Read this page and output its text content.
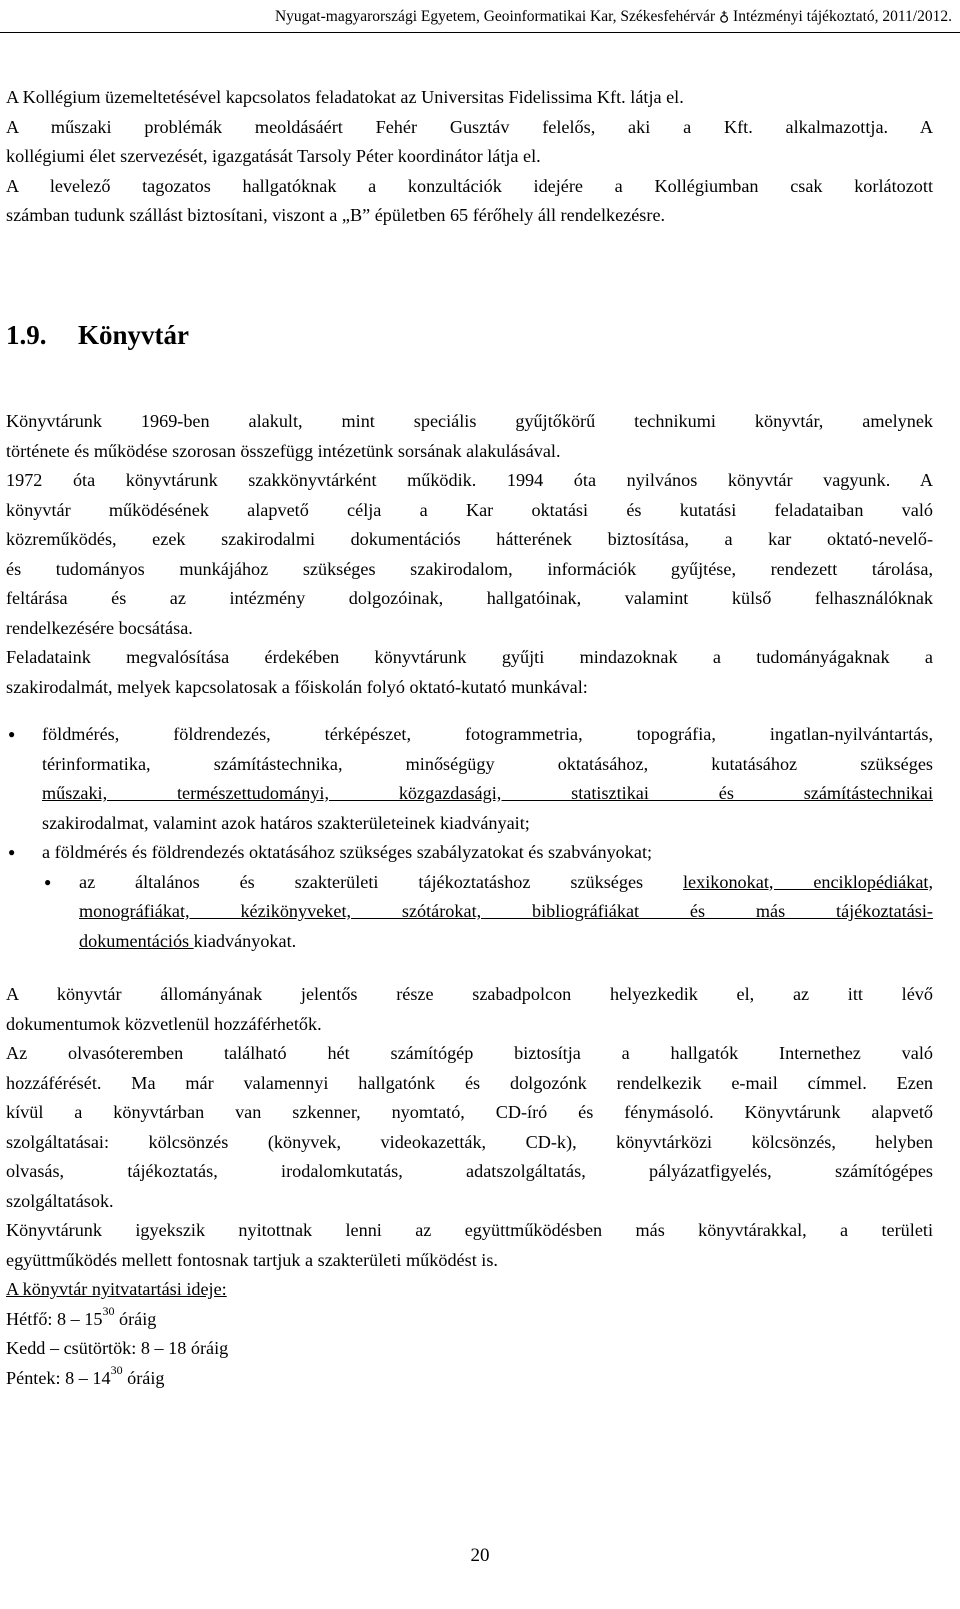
Nyugat-magyarországi Egyetem, Geoinformatikai Kar, Székesfehérvár ♁ Intézményi tájékoztató, 2011/2012.
A Kollégium üzemeltetésével kapcsolatos feladatokat az Universitas Fidelissima Kft. látja el.
A műszaki problémák meoldásáért Fehér Gusztáv felelős, aki a Kft. alkalmazottja. A
kollégiumi élet szervezését, igazgatását Tarsoly Péter koordinátor látja el.
A levelező tagozatos hallgatóknak a konzultációk idejére a Kollégiumban csak korlátozott
számban tudunk szállást biztosítani, viszont a „B” épületben 65 férőhely áll rendelkezésre.
1.9. Könyvtár
Könyvtárunk 1969-ben alakult, mint speciális gyűjtőkörű technikumi könyvtár, amelynek
története és működése szorosan összefügg intézetünk sorsának alakulásával.
1972 óta könyvtárunk szakkönyvtárként működik. 1994 óta nyilvános könyvtár vagyunk. A
könyvtár működésének alapvető célja a Kar oktatási és kutatási feladataiban való
közreműködés, ezek szakirodalmi dokumentációs hátterének biztosítása, a kar oktató-nevelő-
és tudományos munkájához szükséges szakirodalom, információk gyűjtése, rendezett tárolása,
feltárása és az intézmény dolgozóinak, hallgatóinak, valamint külső felhasználóknak
rendelkezésére bocsátása.
Feladataink megvalósítása érdekében könyvtárunk gyűjti mindazoknak a tudományágaknak a
szakirodalmát, melyek kapcsolatosak a főiskolán folyó oktató-kutató munkával:
● földmérés, földrendezés, térképészet, fotogrammetria, topográfia, ingatlan-nyilvántartás,
térinformatika, számítástechnika, minőségügy oktatásához, kutatásához szükséges
műszaki, természettudományi, közgazdasági, statisztikai és számítástechnikai
szakirodalmat, valamint azok határos szakterületeinek kiadványait;
● a földmérés és földrendezés oktatásához szükséges szabályzatokat és szabványokat;
● az általános és szakterületi tájékoztatáshoz szükséges lexikonokat, enciklopédiákat,
monográfiákat, kézikönyveket, szótárokat, bibliográfiákat és más tájékoztatási-
dokumentációs kiadványokat.
A könyvtár állományának jelentős része szabadpolcon helyezkedik el, az itt lévő
dokumentumok közvetlenül hozzáférhetők.
Az olvasóteremben található hét számítógép biztosítja a hallgatók Internethez való
hozzáférését. Ma már valamennyi hallgatónk és dolgozónk rendelkezik e-mail címmel. Ezen
kívül a könyvtárban van szkenner, nyomtató, CD-író és fénymásoló. Könyvtárunk alapvető
szolgáltatásai: kölcsönzés (könyvek, videokazetták, CD-k), könyvtárközi kölcsönzés, helyben
olvasás, tájékoztatás, irodalomkutatás, adatszolgáltatás, pályázatfigyelés, számítógépes
szolgáltatások.
Könyvtárunk igyekszik nyitottnak lenni az együttműködésben más könyvtárakkal, a területi
együttműködés mellett fontosnak tartjuk a szakterületi működést is.
A könyvtár nyitvatartási ideje:
Hétfő: $8 - 15^{30}$ óráig
Kedd – csütörtök: 8 – 18 óráig
Péntek: $8 - 14^{30}$ óráig
20
